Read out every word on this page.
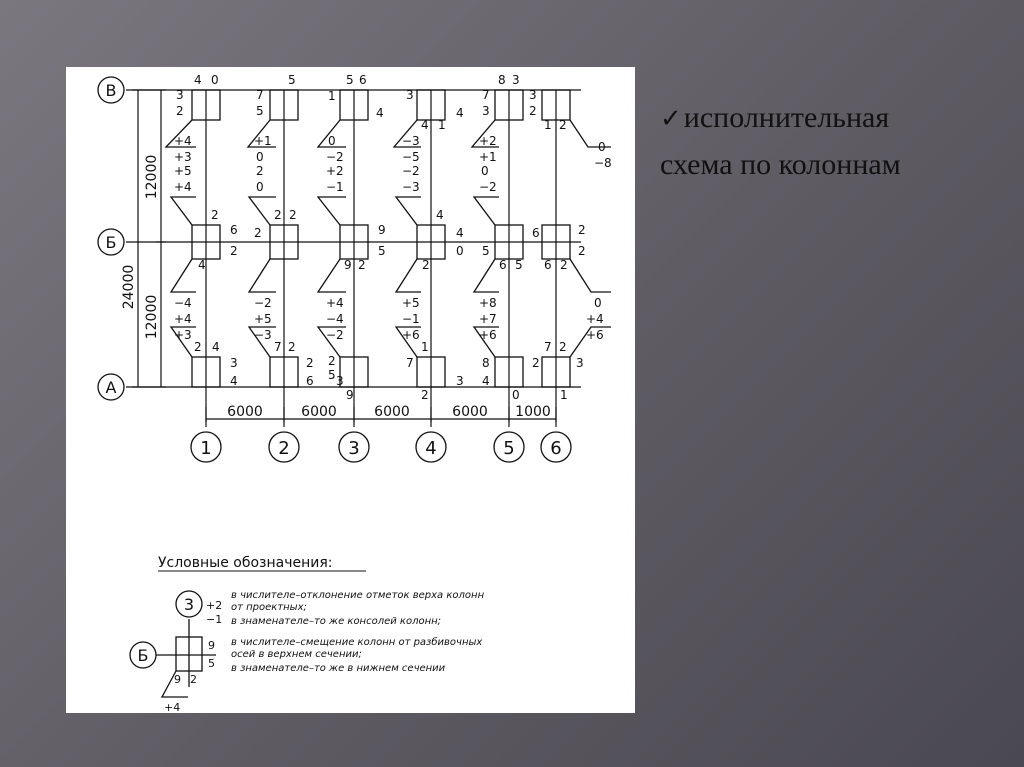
В
Б
А
1	2	3	4	5 6
12000
24000
12000
6000	6000	6000	6000 1000
4 0
3
2
7
5
5	5 6
1
4
3
4 1
4
8 3
7
3
3
2
1 2
+4
+3
+5
+4
+1
0
2
0
0
−2
+2
−1
−3
−5
−2
−3
+2
+1
0
−2
0
−8
2
6
2
4
2
2 2
9
5
9 2
4
4
0
2
5
6 5
6	2
2
6 2
−4
+4
+3
−2
+5
−3
+4
−4
−2
+5
−1
+6
+8
+7
+6
0
+4
+6
2 4
3
4
7 2
2
6
2
5 3
9
1
7
3
2
8	2
4
0
7 2
3
1
Условные обозначения:
3
Б
+2
−1
9
5
9 2
+4
в числителе–отклонение отметок верха колонн
от проектных;
в знаменателе–то же консолей колонн;
в числителе–смещение колонн от разбивочных
осей в верхнем сечении;
в знаменателе–то же в нижнем сечении
✓исполнительная
схема по колоннам
